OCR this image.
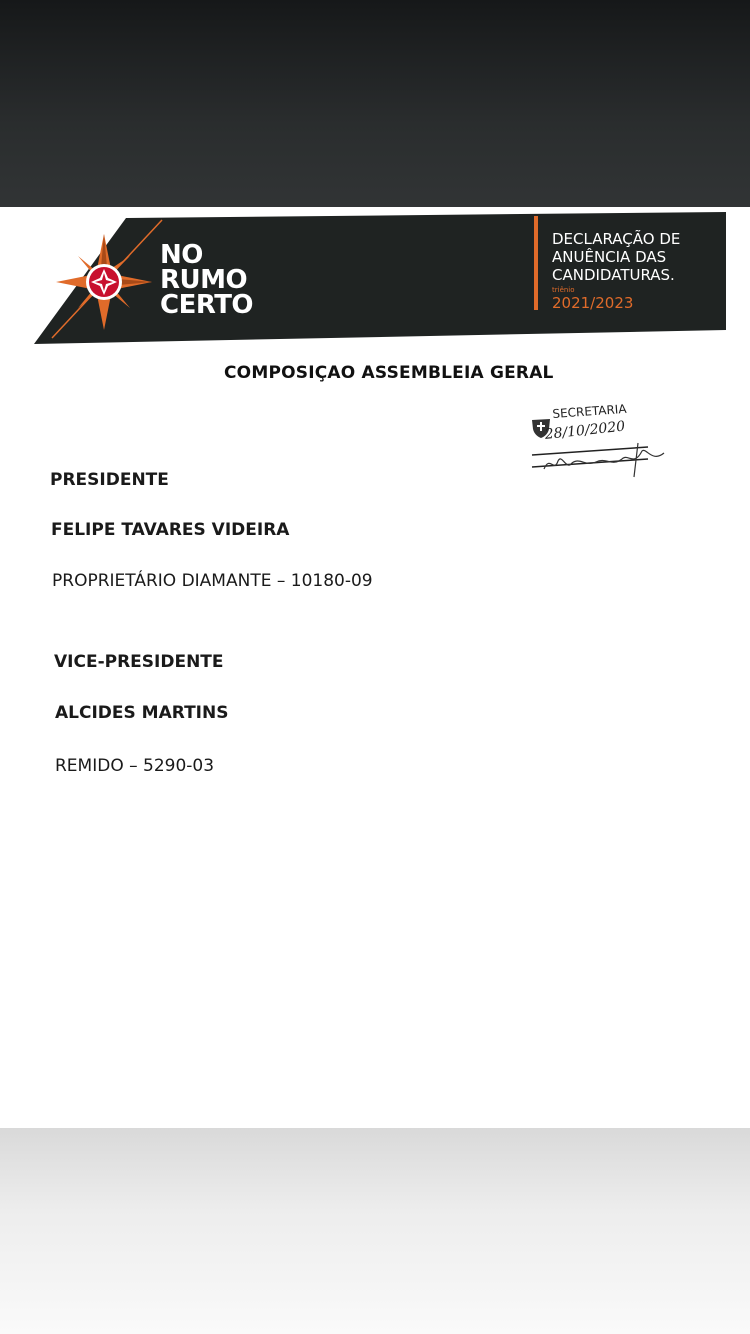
NO
RUMO
CERTO
DECLARAÇÃO DE
ANUÊNCIA DAS
CANDIDATURAS.
triênio
2021/2023
COMPOSIÇAO ASSEMBLEIA GERAL
SECRETARIA
28/10/2020
PRESIDENTE
FELIPE TAVARES VIDEIRA
PROPRIETÁRIO DIAMANTE – 10180-09
VICE-PRESIDENTE
ALCIDES MARTINS
REMIDO – 5290-03
